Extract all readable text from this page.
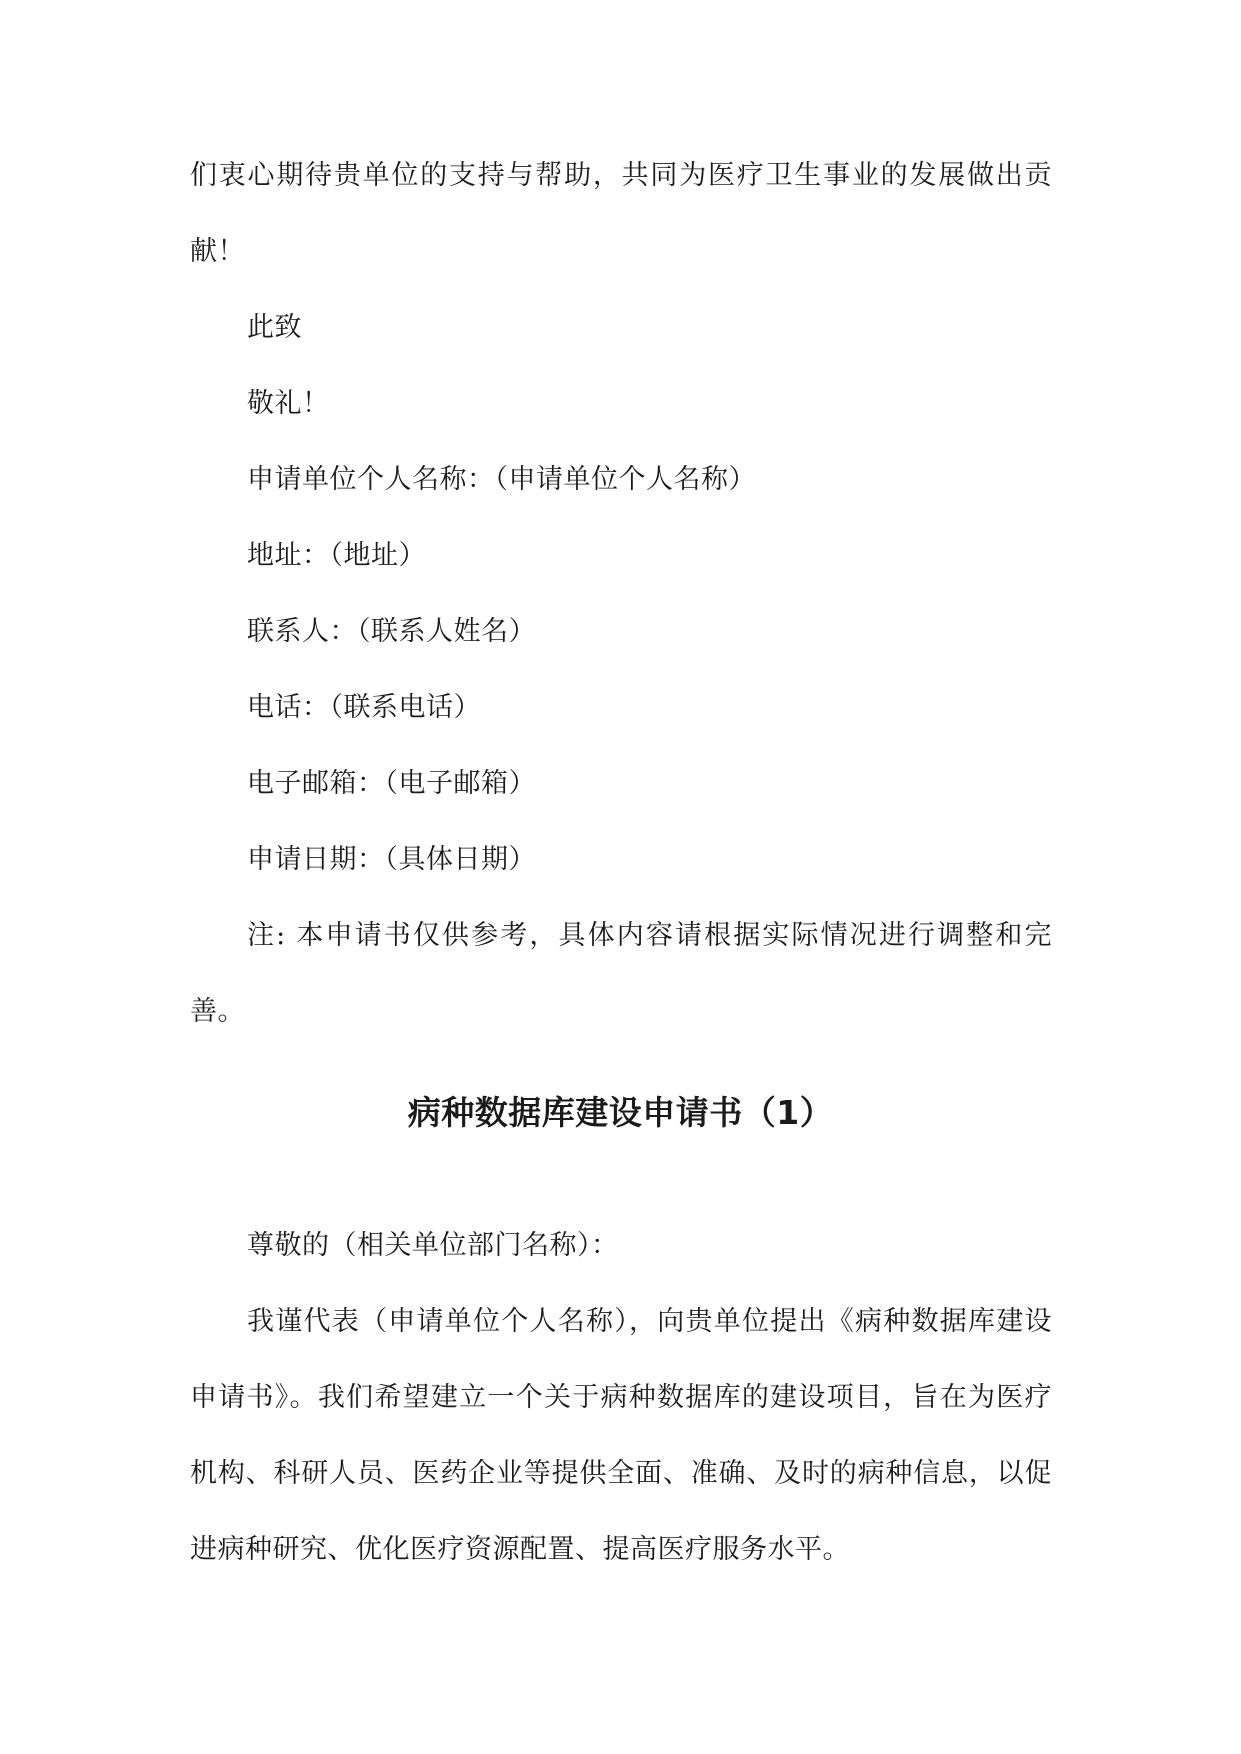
们衷心期待贵单位的支持与帮助，共同为医疗卫生事业的发展做出贡献！

此致

敬礼！

申请单位个人名称：（申请单位个人名称）

地址：（地址）

联系人：（联系人姓名）

电话：（联系电话）

电子邮箱：（电子邮箱）

申请日期：（具体日期）

注: 本申请书仅供参考，具体内容请根据实际情况进行调整和完善。

病种数据库建设申请书（1）

尊敬的（相关单位部门名称）：

我谨代表（申请单位个人名称），向贵单位提出《病种数据库建设申请书》。我们希望建立一个关于病种数据库的建设项目，旨在为医疗机构、科研人员、医药企业等提供全面、准确、及时的病种信息，以促进病种研究、优化医疗资源配置、提高医疗服务水平。
